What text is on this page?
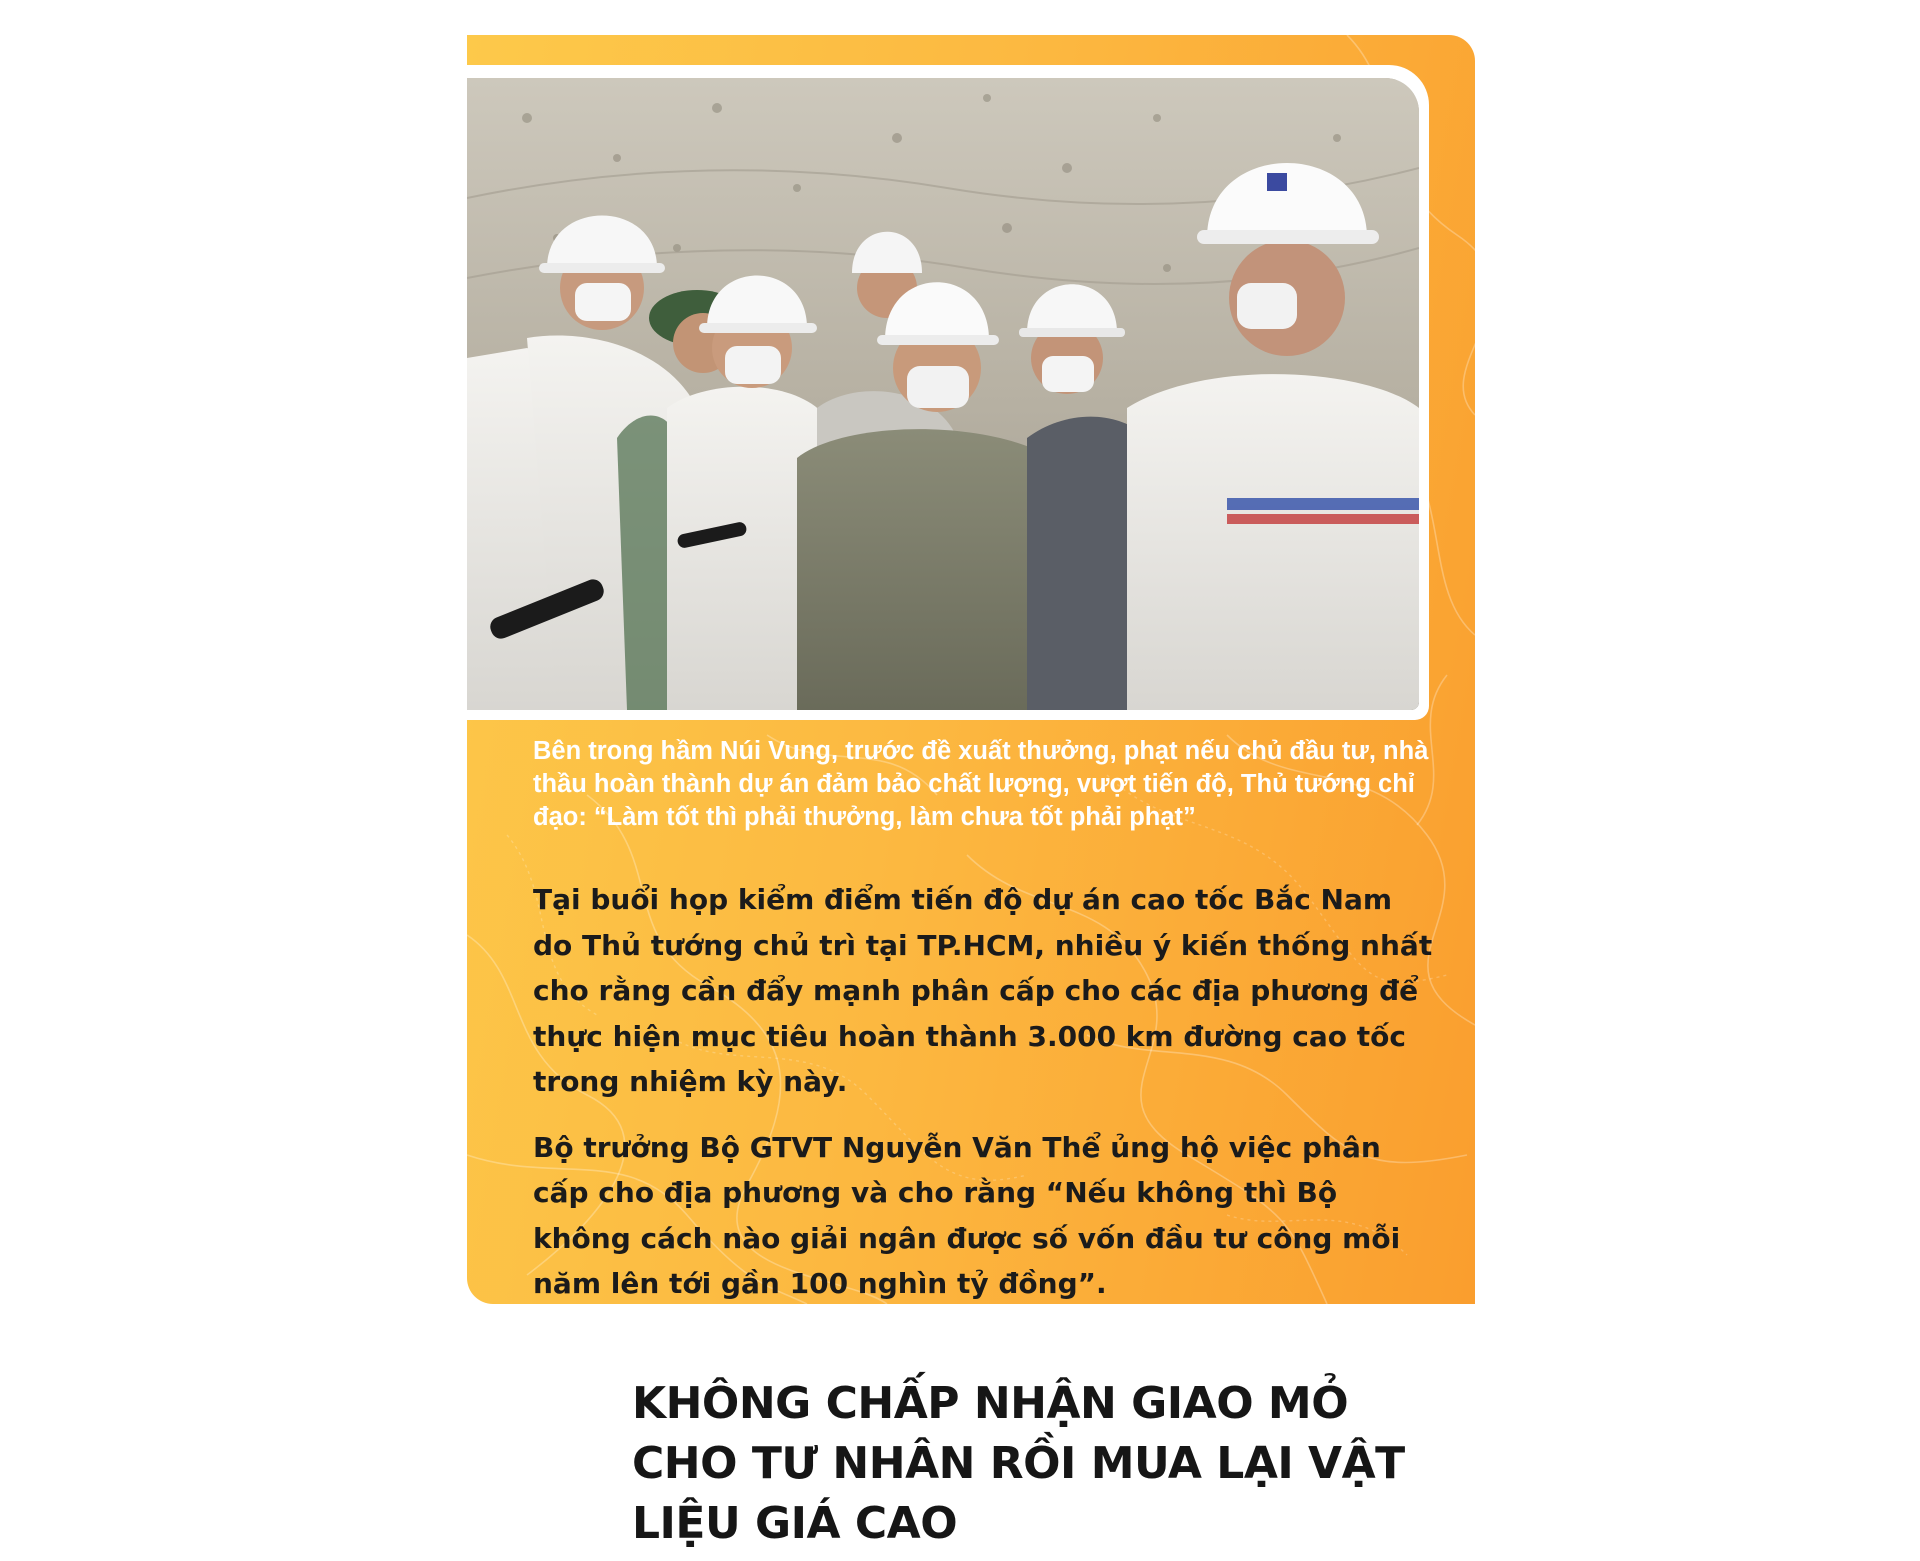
Bên trong hầm Núi Vung, trước đề xuất thưởng, phạt nếu chủ đầu tư, nhà thầu hoàn thành dự án đảm bảo chất lượng, vượt tiến độ, Thủ tướng chỉ đạo: “Làm tốt thì phải thưởng, làm chưa tốt phải phạt”

Tại buổi họp kiểm điểm tiến độ dự án cao tốc Bắc Nam do Thủ tướng chủ trì tại TP.HCM, nhiều ý kiến thống nhất cho rằng cần đẩy mạnh phân cấp cho các địa phương để thực hiện mục tiêu hoàn thành 3.000 km đường cao tốc trong nhiệm kỳ này.

Bộ trưởng Bộ GTVT Nguyễn Văn Thể ủng hộ việc phân cấp cho địa phương và cho rằng “Nếu không thì Bộ không cách nào giải ngân được số vốn đầu tư công mỗi năm lên tới gần 100 nghìn tỷ đồng”.

KHÔNG CHẤP NHẬN GIAO MỎ CHO TƯ NHÂN RỒI MUA LẠI VẬT LIỆU GIÁ CAO
